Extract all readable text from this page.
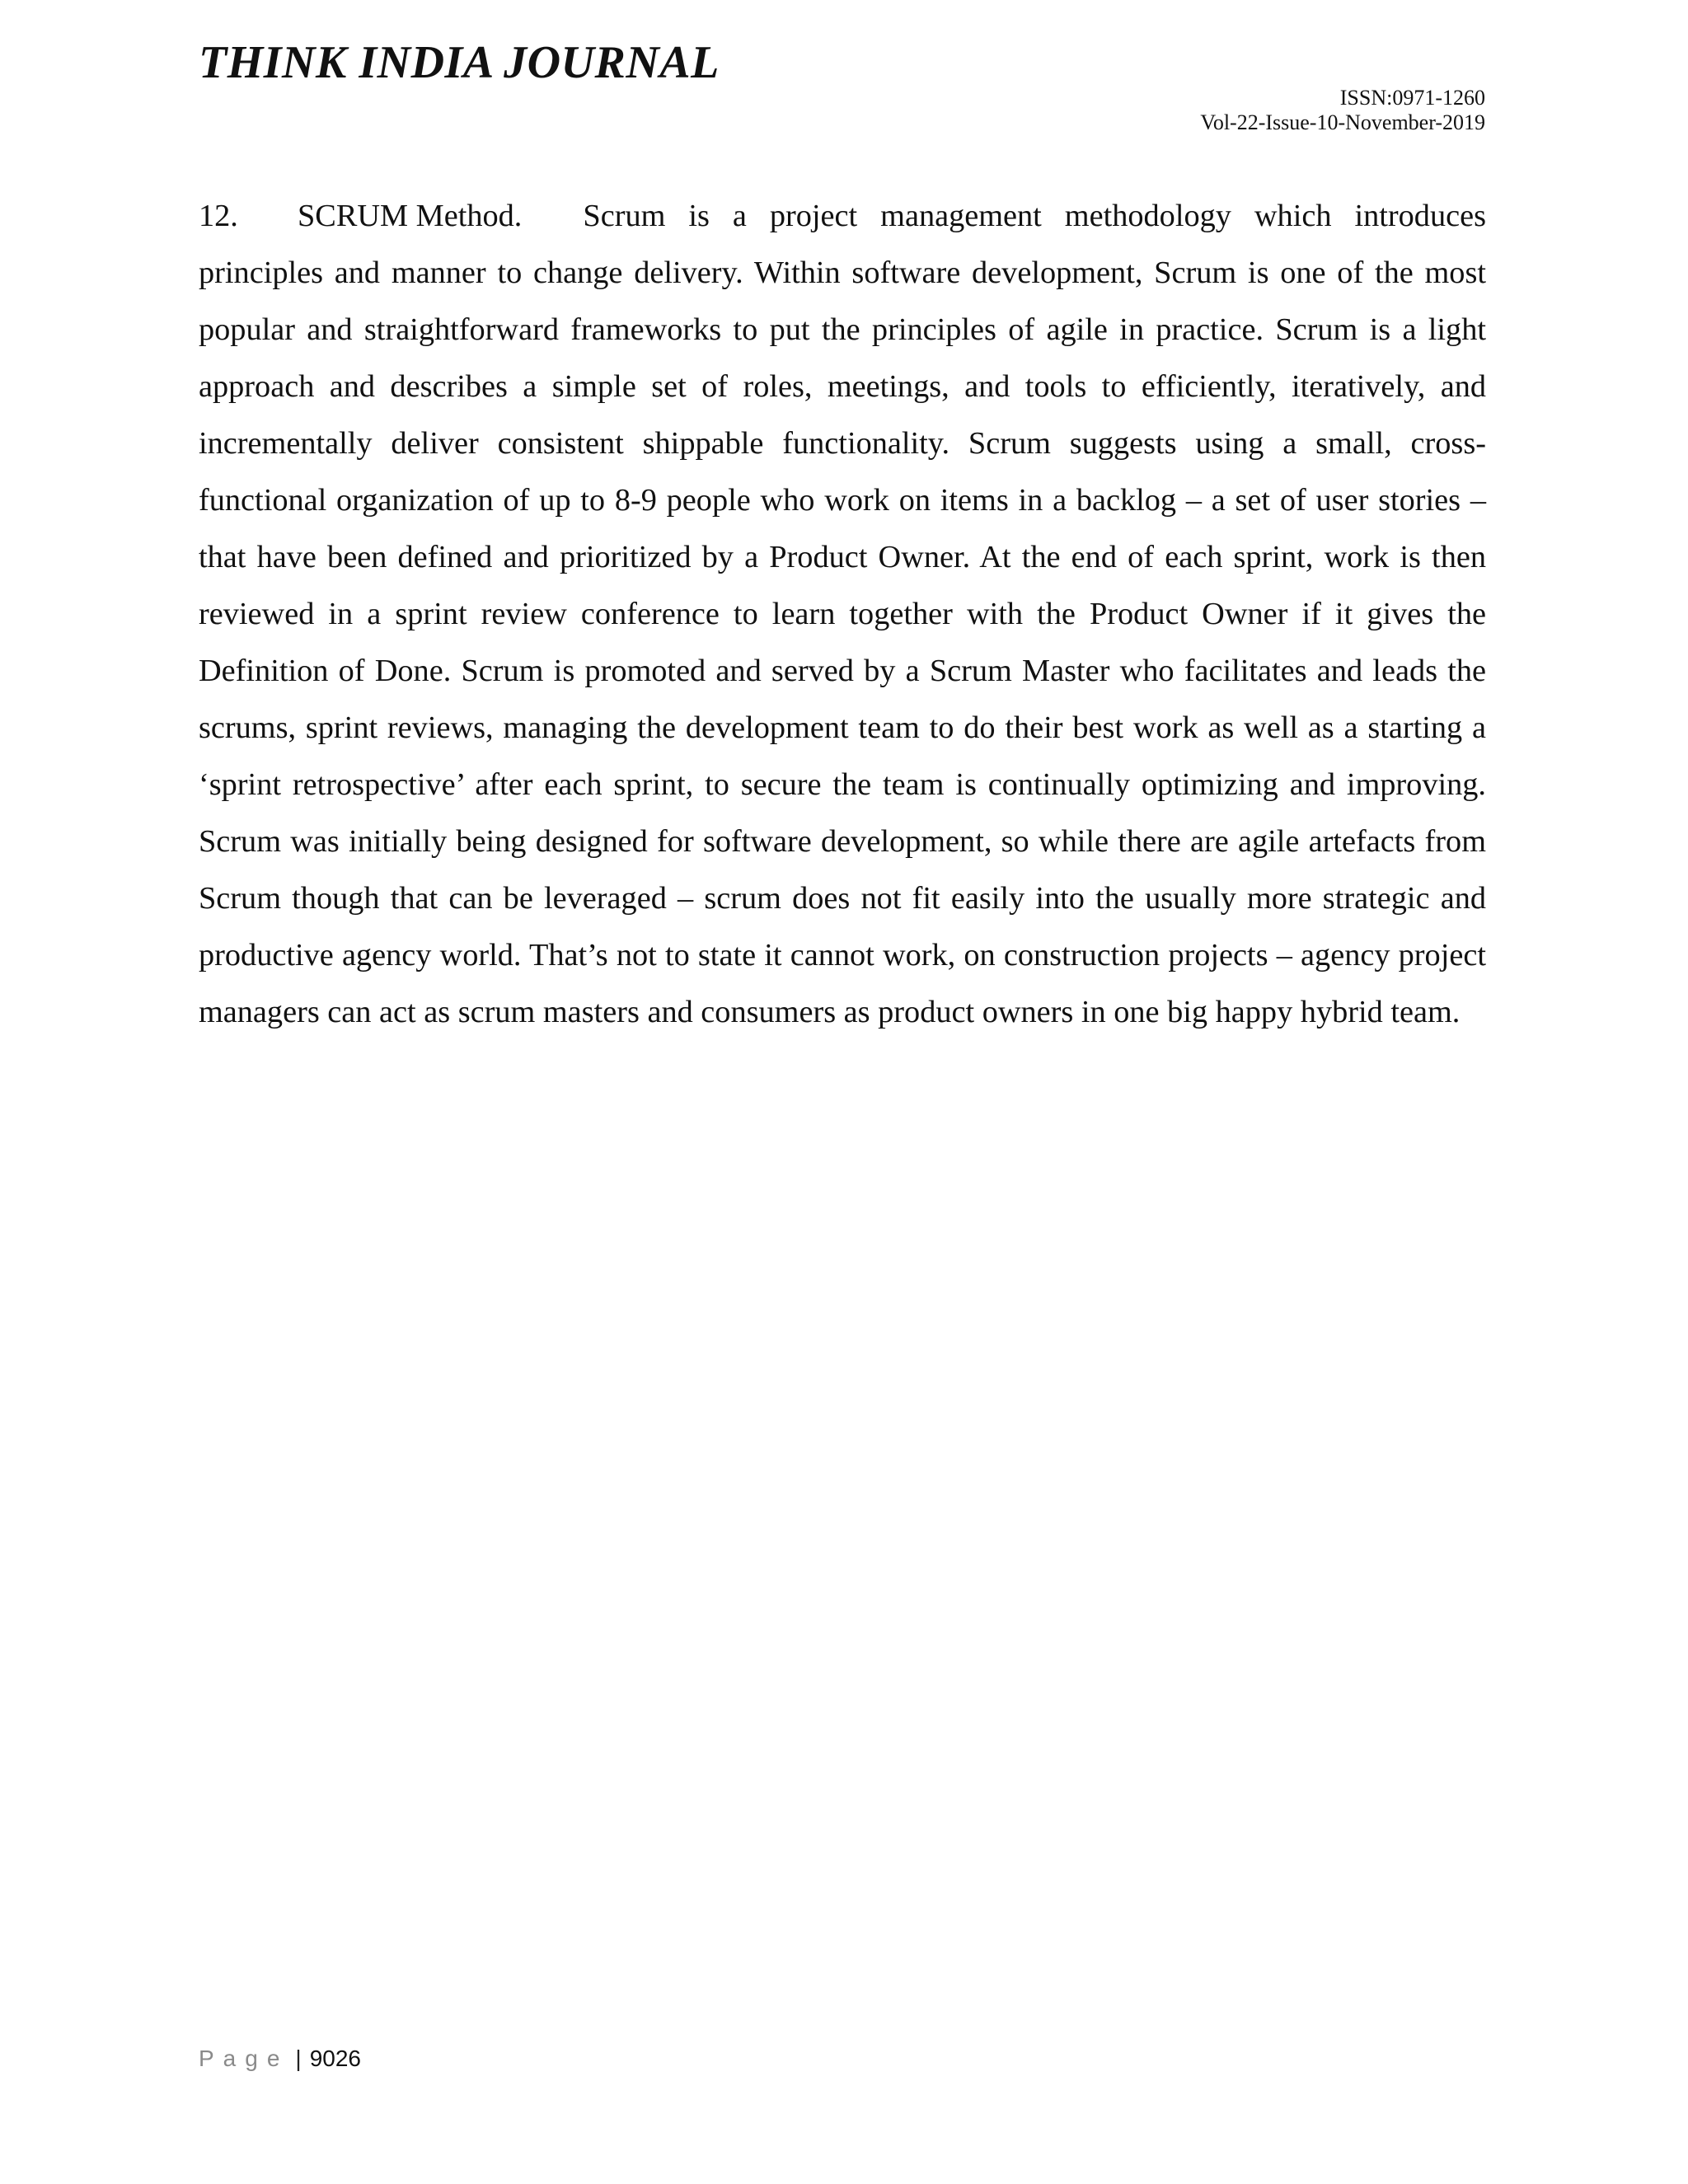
THINK INDIA JOURNAL
ISSN:0971-1260
Vol-22-Issue-10-November-2019

12. SCRUM Method. Scrum is a project management methodology which introduces principles and manner to change delivery. Within software development, Scrum is one of the most popular and straightforward frameworks to put the principles of agile in practice. Scrum is a light approach and describes a simple set of roles, meetings, and tools to efficiently, iteratively, and incrementally deliver consistent shippable functionality. Scrum suggests using a small, cross-functional organization of up to 8-9 people who work on items in a backlog – a set of user stories – that have been defined and prioritized by a Product Owner. At the end of each sprint, work is then reviewed in a sprint review conference to learn together with the Product Owner if it gives the Definition of Done. Scrum is promoted and served by a Scrum Master who facilitates and leads the scrums, sprint reviews, managing the development team to do their best work as well as a starting a ‘sprint retrospective’ after each sprint, to secure the team is continually optimizing and improving. Scrum was initially being designed for software development, so while there are agile artefacts from Scrum though that can be leveraged – scrum does not fit easily into the usually more strategic and productive agency world. That’s not to state it cannot work, on construction projects – agency project managers can act as scrum masters and consumers as product owners in one big happy hybrid team.

Page | 9026
